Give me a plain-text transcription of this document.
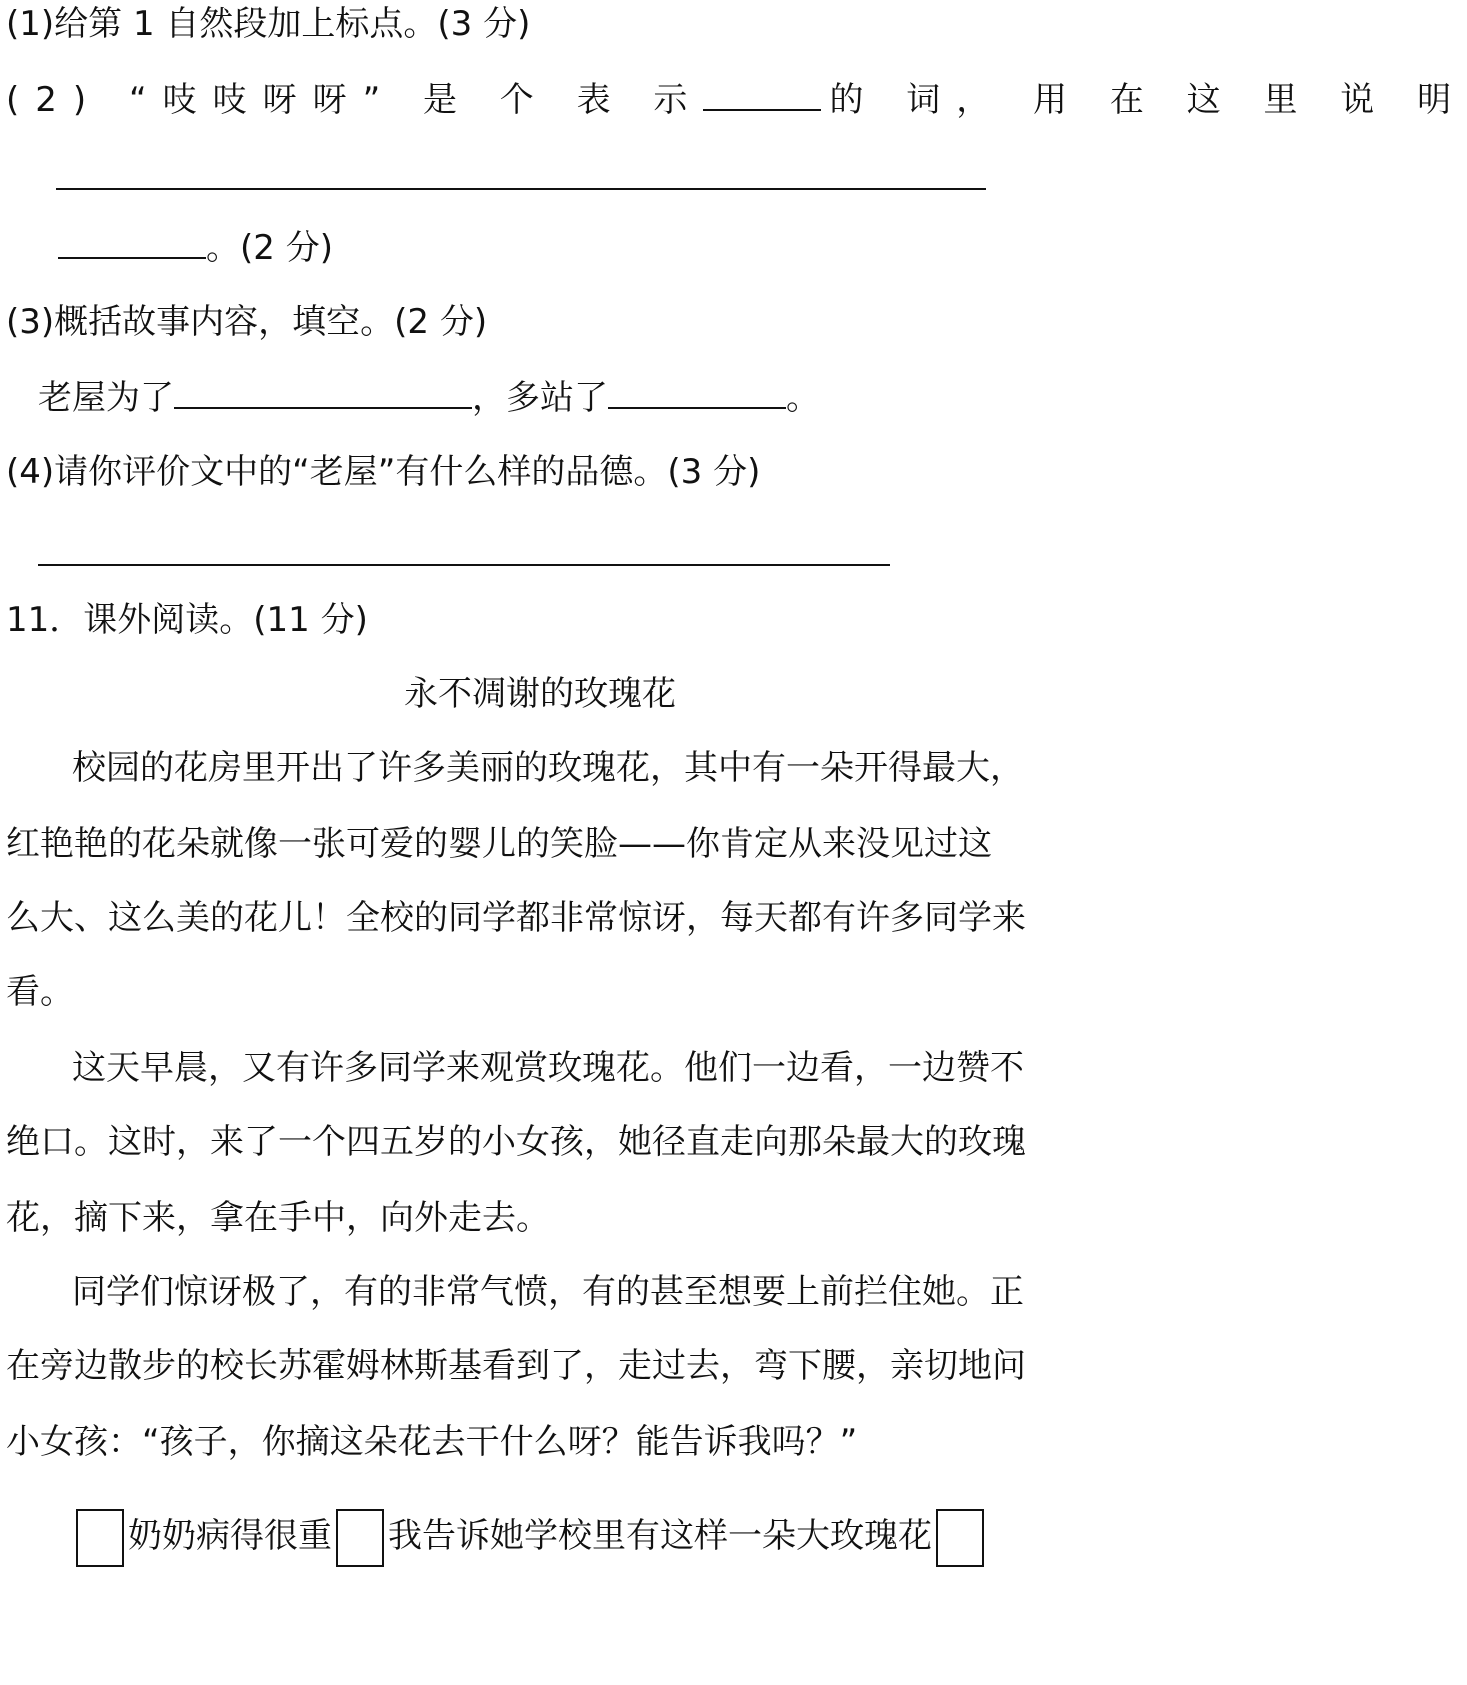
(1)给第 1 自然段加上标点。(3 分)
(2) “吱吱呀呀” 是 个 表 示	的 词， 用 在 这 里 说 明
。(2 分)
(3)概括故事内容，填空。(2 分)
老屋为了	，多站了	。
(4)请你评价文中的“老屋”有什么样的品德。(3 分)
11．课外阅读。(11 分)
永不凋谢的玫瑰花
校园的花房里开出了许多美丽的玫瑰花，其中有一朵开得最大，
红艳艳的花朵就像一张可爱的婴儿的笑脸——你肯定从来没见过这
么大、这么美的花儿！全校的同学都非常惊讶，每天都有许多同学来
看。
这天早晨，又有许多同学来观赏玫瑰花。他们一边看，一边赞不
绝口。这时，来了一个四五岁的小女孩，她径直走向那朵最大的玫瑰
花，摘下来，拿在手中，向外走去。
同学们惊讶极了，有的非常气愤，有的甚至想要上前拦住她。正
在旁边散步的校长苏霍姆林斯基看到了，走过去，弯下腰，亲切地问
小女孩：“孩子，你摘这朵花去干什么呀？能告诉我吗？”
奶奶病得很重 我告诉她学校里有这样一朵大玫瑰花
